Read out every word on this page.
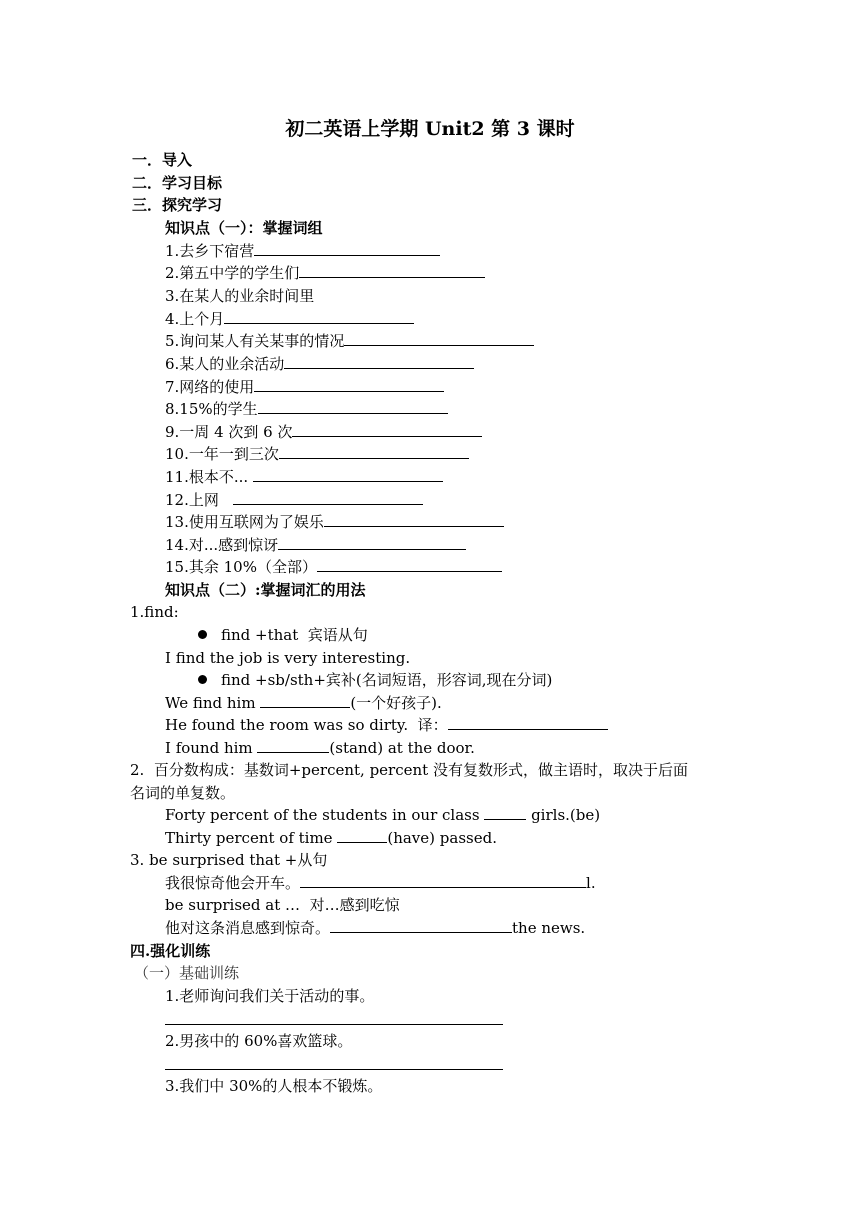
初二英语上学期 Unit2 第 3 课时
一．导入
二．学习目标
三．探究学习
知识点（一）：掌握词组
1.去乡下宿营
2.第五中学的学生们
3.在某人的业余时间里
4.上个月
5.询问某人有关某事的情况
6.某人的业余活动
7.网络的使用
8.15%的学生
9.一周 4 次到 6 次
10.一年一到三次
11.根本不...
12.上网
13.使用互联网为了娱乐
14.对...感到惊讶
15.其余 10%（全部）
知识点（二）:掌握词汇的用法
1.find:
find +that  宾语从句
I find the job is very interesting.
find +sb/sth+宾补(名词短语，形容词,现在分词)
We find him	(一个好孩子).
He found the room was so dirty.  译：
I found him	(stand) at the door.
2.  百分数构成：基数词+percent, percent 没有复数形式，做主语时，取决于后面
名词的单复数。
Forty percent of the students in our class	girls.(be)
Thirty percent of time	(have) passed.
3. be surprised that +从句
我很惊奇他会开车。	l.
be surprised at …  对…感到吃惊
他对这条消息感到惊奇。	the news.
四.强化训练
（一）基础训练
1.老师询问我们关于活动的事。
2.男孩中的 60%喜欢篮球。
3.我们中 30%的人根本不锻炼。
